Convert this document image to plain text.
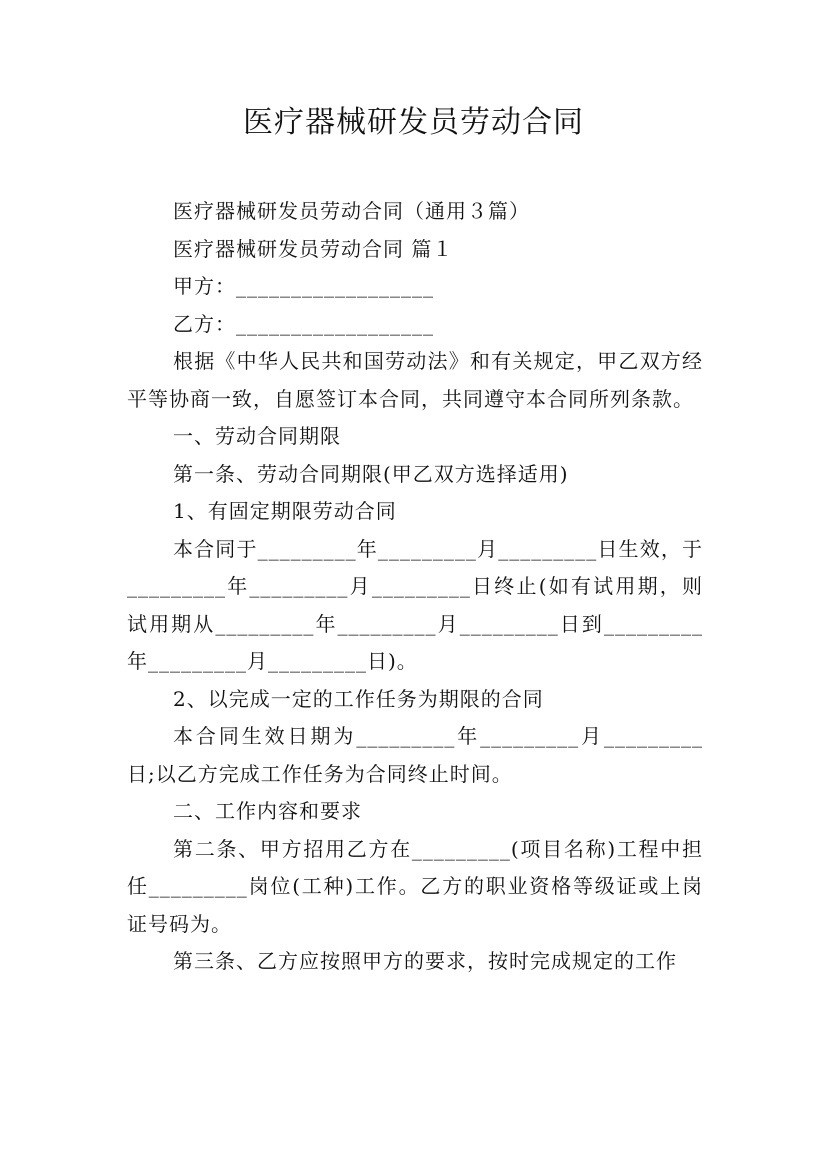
医疗器械研发员劳动合同

医疗器械研发员劳动合同（通用３篇）

医疗器械研发员劳动合同 篇１

甲方：__________________

乙方：__________________

根据《中华人民共和国劳动法》和有关规定，甲乙双方经平等协商一致，自愿签订本合同，共同遵守本合同所列条款。

一、劳动合同期限

第一条、劳动合同期限(甲乙双方选择适用)

1、有固定期限劳动合同

本合同于_________年_________月_________日生效，于_________年_________月_________日终止(如有试用期，则试用期从_________年_________月_________日到_________年_________月_________日)。

2、以完成一定的工作任务为期限的合同

本合同生效日期为_________年_________月_________日;以乙方完成工作任务为合同终止时间。

二、工作内容和要求

第二条、甲方招用乙方在_________(项目名称)工程中担任_________岗位(工种)工作。乙方的职业资格等级证或上岗证号码为。

第三条、乙方应按照甲方的要求，按时完成规定的工作
